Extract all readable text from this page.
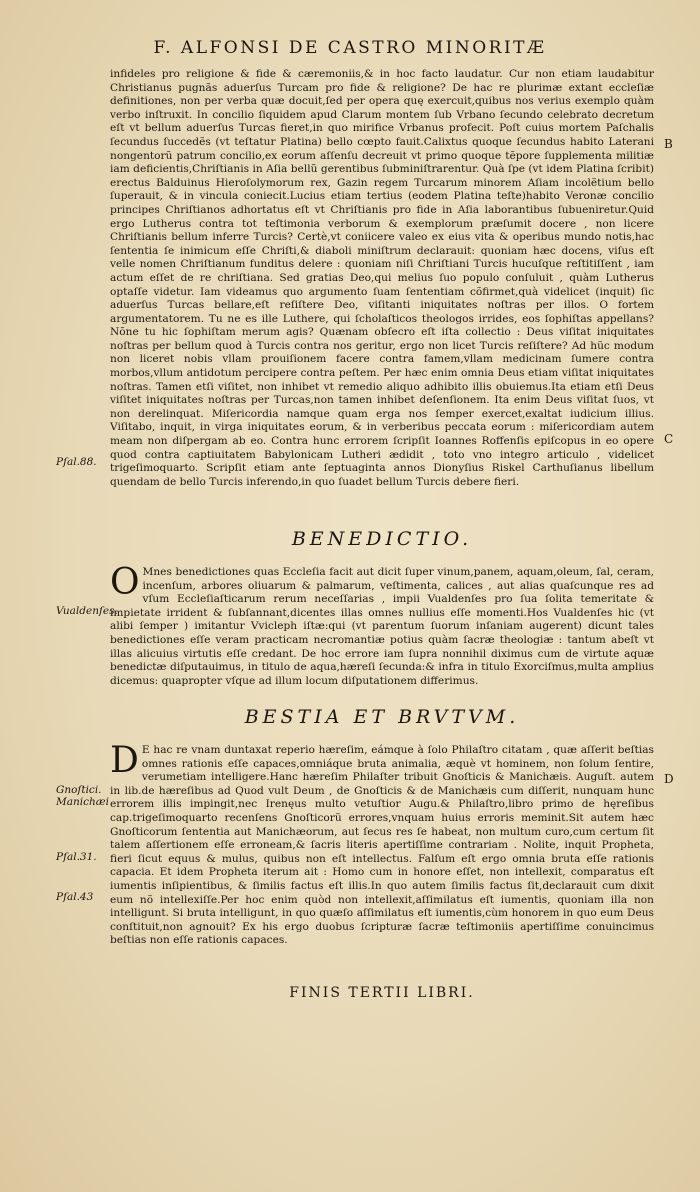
F. ALFONSI DE CASTRO MINORITÆ

infideles pro religione & fide & cæremoniis,& in hoc facto laudatur. Cur non etiam laudabitur Christianus pugnãs aduerſus Turcam pro fide & religione? De hac re plurimæ extant eccleſiæ definitiones, non per verba quæ docuit,ſed per opera quę exercuit,quibus nos verius exemplo quàm verbo inſtruxit. In concilio ſiquidem apud Clarum montem ſub Vrbano ſecundo celebrato decretum eſt vt bellum aduerſus Turcas fieret,in quo mirifice Vrbanus profecit. Poſt cuius mortem Paſchalis ſecundus ſuccedẽs (vt teſtatur Platina) bello cœpto fauit.Calixtus quoque ſecundus habito Laterani nongentorũ patrum concilio,ex eorum aſſenſu decreuit vt primo quoque tẽpore ſupplementa militiæ iam deficientis,Chriſtianis in Aſia bellũ gerentibus ſubminiſtrarentur. Quà ſpe (vt idem Platina ſcribit) erectus Balduinus Hieroſolymorum rex, Gazin regem Turcarum minorem Aſiam incolẽtium bello ſuperauit, & in vincula coniecit.Lucius etiam tertius (eodem Platina teſte)habito Veronæ concilio principes Chriſtianos adhortatus eſt vt Chriſtianis pro fide in Aſia laborantibus ſubueniretur.Quid ergo Lutherus contra tot teſtimonia verborum & exemplorum præſumit docere , non licere Chriſtianis bellum inferre Turcis? Certè,vt coniicere valeo ex eius vita & operibus mundo notis,hac ſententia ſe inimicum eſſe Chriſti,& diaboli miniſtrum declarauit: quoniam hæc docens, viſus eſt velle nomen Chriſtianum funditus delere : quoniam niſi Chriſtiani Turcis hucuſque reſtitiſſent , iam actum eſſet de re chriſtiana. Sed gratias Deo,qui melius ſuo populo conſuluit , quàm Lutherus optaſſe videtur. Iam videamus quo argumento ſuam ſententiam cõfirmet,quà videlicet (inquit) ſic aduerſus Turcas bellare,eſt reſiſtere Deo, viſitanti iniquitates noſtras per illos. O fortem argumentatorem. Tu ne es ille Luthere, qui ſcholaſticos theologos irrides, eos ſophiſtas appellans? Nõne tu hic ſophiſtam merum agis? Quænam obſecro eſt iſta collectio : Deus viſitat iniquitates noſtras per bellum quod à Turcis contra nos geritur, ergo non licet Turcis reſiſtere? Ad hũc modum non liceret nobis vllam prouiſionem facere contra famem,vllam medicinam ſumere contra morbos,vllum antidotum percipere contra peſtem. Per hæc enim omnia Deus etiam viſitat iniquitates noſtras. Tamen etſi viſitet, non inhibet vt remedio aliquo adhibito illis obuiemus.Ita etiam etſi Deus viſitet iniquitates noſtras per Turcas,non tamen inhibet deſenſionem. Ita enim Deus viſitat ſuos, vt non derelinquat. Miſericordia namque quam erga nos ſemper exercet,exaltat iudicium illius. Viſitabo, inquit, in virga iniquitates eorum, & in verberibus peccata eorum : miſericordiam autem meam non diſpergam ab eo. Contra hunc errorem ſcripſit Ioannes Roffenſis epiſcopus in eo opere quod contra captiuitatem Babylonicam Lutheri ædidit , toto vno integro articulo , videlicet trigeſimoquarto. Scripſit etiam ante ſeptuaginta annos Dionyſius Riskel Carthuſianus libellum quendam de bello Turcis inferendo,in quo ſuadet bellum Turcis debere fieri.

BENEDICTIO.
O Mnes benedictiones quas Eccleſia facit aut dicit ſuper vinum,panem, aquam,oleum, ſal, ceram, incenſum, arbores oliuarum & palmarum, veſtimenta, calices , aut alias quaſcunque res ad vſum Eccleſiaſticarum rerum neceſſarias , impii Vualdenſes pro ſua ſolita temeritate & impietate irrident & ſubſannant,dicentes illas omnes nullius eſſe momenti.Hos Vualdenſes hic (vt alibi ſemper ) imitantur Vvicleph iſtæ:qui (vt parentum ſuorum inſaniam augerent) dicunt tales benedictiones eſſe veram practicam necromantiæ potius quàm ſacræ theologiæ : tantum abeſt vt illas alicuius virtutis eſſe credant. De hoc errore iam ſupra nonnihil diximus cum de virtute aquæ benedictæ diſputauimus, in titulo de aqua,hæreſi ſecunda:& infra in titulo Exorciſmus,multa amplius dicemus: quapropter vſque ad illum locum diſputationem differimus.
BESTIA ET BRVTVM.
D E hac re vnam duntaxat reperio hæreſim, eámque à ſolo Philaſtro citatam , quæ aſſerit beſtias omnes rationis eſſe capaces,omniáque bruta animalia, æquè vt hominem, non ſolum ſentire, verumetiam intelligere.Hanc hæreſim Philaſter tribuit Gnoſticis & Manichæis. Auguſt. autem in lib.de hæreſibus ad Quod vult Deum , de Gnoſticis & de Manichæis cum diſſerit, nunquam hunc errorem illis impingit,nec Irenęus multo vetuſtior Augu.& Philaſtro,libro primo de hęreſibus cap.trigeſimoquarto recenſens Gnoſticorũ errores,vnquam huius erroris meminit.Sit autem hæc Gnoſticorum ſententia aut Manichæorum, aut ſecus res ſe habeat, non multum curo,cum certum ſit talem aſſertionem eſſe erroneam,& ſacris literis apertiſſime contrariam . Nolite, inquit Propheta, fieri ſicut equus & mulus, quibus non eſt intellectus. Falſum eſt ergo omnia bruta eſſe rationis capacia. Et idem Propheta iterum ait : Homo cum in honore eſſet, non intellexit, comparatus eſt iumentis inſipientibus, & ſimilis factus eſt illis.In quo autem ſimilis factus ſit,declarauit cum dixit eum nõ intellexiſſe.Per hoc enim quòd non intellexit,aſſimilatus eſt iumentis, quoniam illa non intelligunt. Si bruta intelligunt, in quo quæſo aſſimilatus eſt iumentis,cùm honorem in quo eum Deus conſtituit,non agnouit? Ex his ergo duobus ſcripturæ ſacræ teſtimoniis apertiſſime conuincimus beſtias non eſſe rationis capaces.
FINIS TERTII LIBRI.
Pſal.88.
Vualdenſes.
Gnoſtici. Manichæi
Pſal.31.
Pſal.43
B
C
D
